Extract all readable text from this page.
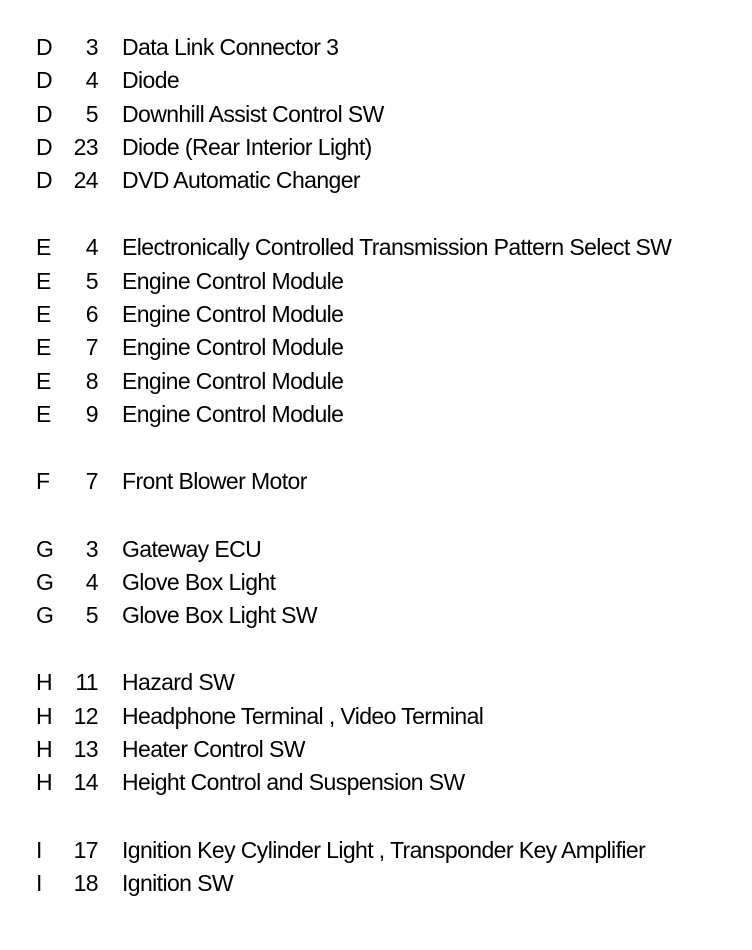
D	3 Data Link Connector 3
D	4 Diode
D	5 Downhill Assist Control SW
D 23 Diode (Rear Interior Light)
D 24 DVD Automatic Changer
E	4 Electronically Controlled Transmission Pattern Select SW
E	5 Engine Control Module
E	6 Engine Control Module
E	7 Engine Control Module
E	8 Engine Control Module
E	9 Engine Control Module
F	7 Front Blower Motor
G	3 Gateway ECU
G	4 Glove Box Light
G	5 Glove Box Light SW
H	11 Hazard SW
H 12 Headphone Terminal , Video Terminal
H 13 Heater Control SW
H 14 Height Control and Suspension SW
I	17 Ignition Key Cylinder Light , Transponder Key Amplifier
I	18 Ignition SW
